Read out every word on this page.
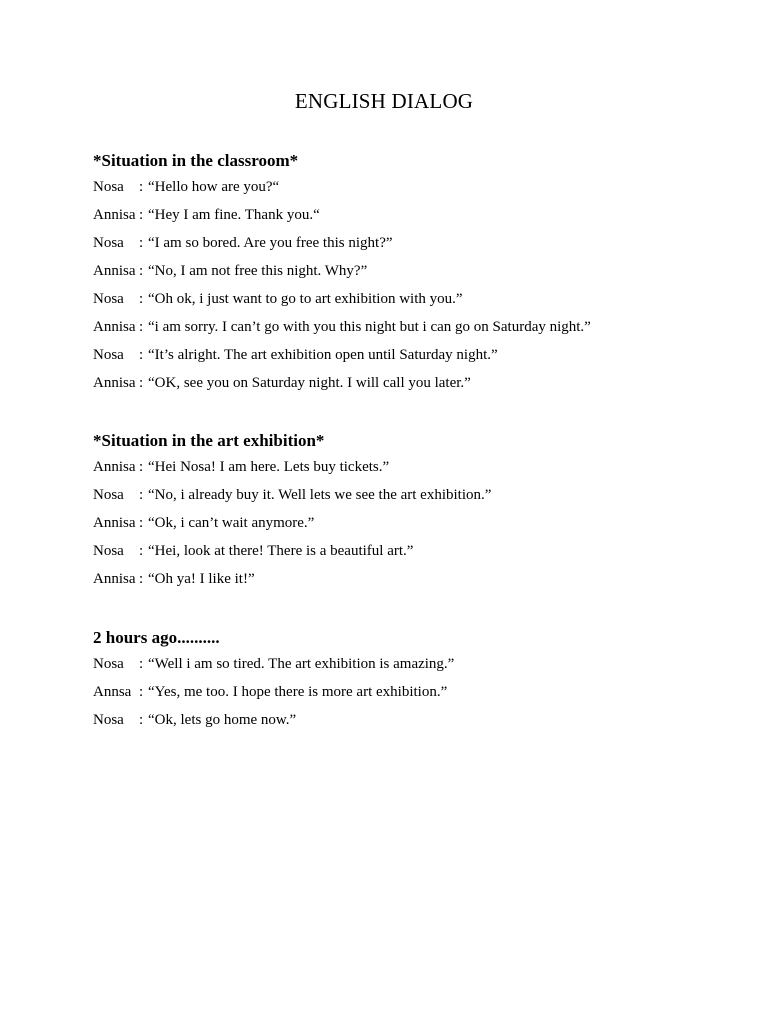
ENGLISH DIALOG
*Situation in the classroom*
Nosa : “Hello how are you?“
Annisa : “Hey I am fine. Thank you.“
Nosa : “I am so bored. Are you free this night?”
Annisa : “No, I am not free this night. Why?”
Nosa : “Oh ok, i just want to go to art exhibition with you.”
Annisa : “i am sorry. I can’t go with you this night but i can go on Saturday night.”
Nosa : “It’s alright. The art exhibition open until Saturday night.”
Annisa : “OK, see you on Saturday night. I will call you later.”
*Situation in the art exhibition*
Annisa : “Hei Nosa! I am here. Lets buy tickets.”
Nosa : “No, i already buy it. Well lets we see the art exhibition.”
Annisa : “Ok, i can’t wait anymore.”
Nosa : “Hei, look at there! There is a beautiful art.”
Annisa : “Oh ya! I like it!”
2 hours ago..........
Nosa : “Well i am so tired. The art exhibition is amazing.”
Annsa : “Yes, me too. I hope there is more art exhibition.”
Nosa : “Ok, lets go home now.”
